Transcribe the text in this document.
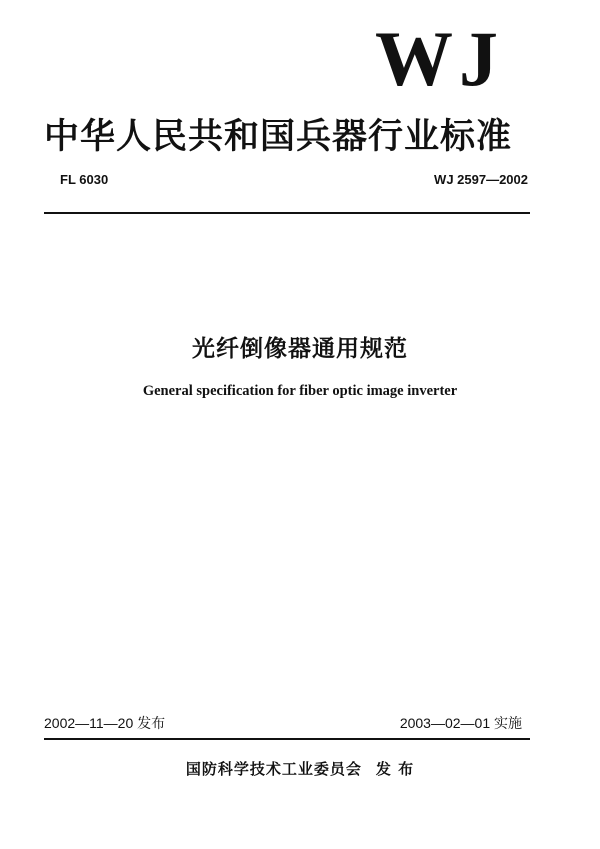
WJ
中华人民共和国兵器行业标准
FL 6030	WJ 2597—2002
光纤倒像器通用规范
General specification for fiber optic image inverter
2002—11—20 发布	2003—02—01 实施
国防科学技术工业委员会 发 布
